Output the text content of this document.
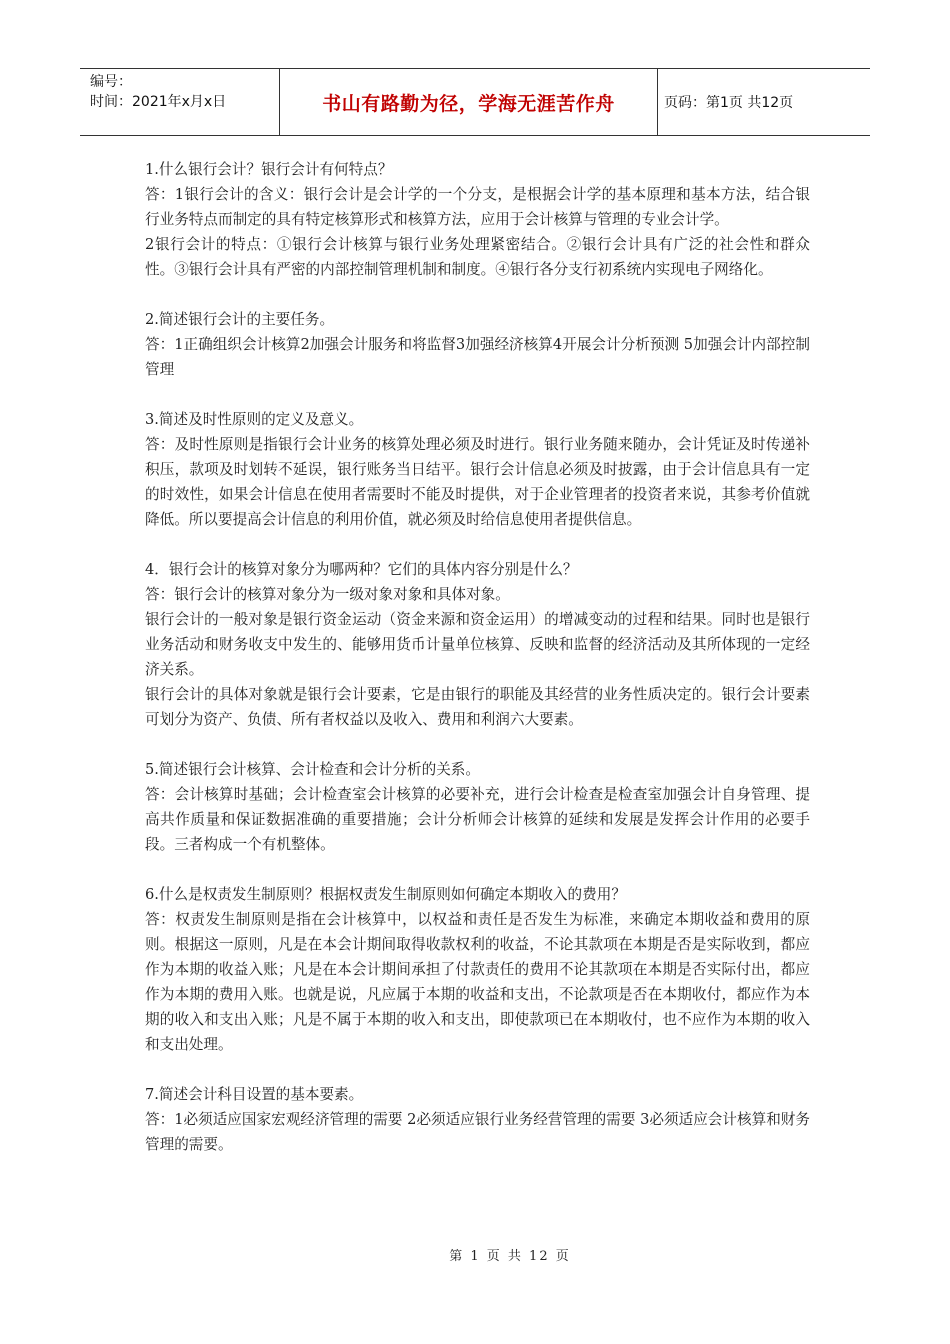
编号：
时间：2021年x月x日	书山有路勤为径，学海无涯苦作舟	页码：第1页 共12页

1.什么银行会计？银行会计有何特点？

答：1银行会计的含义：银行会计是会计学的一个分支，是根据会计学的基本原理和基本方法，结合银行业务特点而制定的具有特定核算形式和核算方法，应用于会计核算与管理的专业会计学。

2银行会计的特点：①银行会计核算与银行业务处理紧密结合。②银行会计具有广泛的社会性和群众性。③银行会计具有严密的内部控制管理机制和制度。④银行各分支行初系统内实现电子网络化。

2.简述银行会计的主要任务。

答：1正确组织会计核算2加强会计服务和将监督3加强经济核算4开展会计分析预测 5加强会计内部控制管理

3.简述及时性原则的定义及意义。

答：及时性原则是指银行会计业务的核算处理必须及时进行。银行业务随来随办，会计凭证及时传递补积压，款项及时划转不延误，银行账务当日结平。银行会计信息必须及时披露，由于会计信息具有一定的时效性，如果会计信息在使用者需要时不能及时提供，对于企业管理者的投资者来说，其参考价值就降低。所以要提高会计信息的利用价值，就必须及时给信息使用者提供信息。

4．银行会计的核算对象分为哪两种？它们的具体内容分别是什么？

答：银行会计的核算对象分为一级对象对象和具体对象。

银行会计的一般对象是银行资金运动（资金来源和资金运用）的增减变动的过程和结果。同时也是银行业务活动和财务收支中发生的、能够用货币计量单位核算、反映和监督的经济活动及其所体现的一定经济关系。

银行会计的具体对象就是银行会计要素，它是由银行的职能及其经营的业务性质决定的。银行会计要素可划分为资产、负债、所有者权益以及收入、费用和利润六大要素。

5.简述银行会计核算、会计检查和会计分析的关系。

答：会计核算时基础；会计检查室会计核算的必要补充，进行会计检查是检查室加强会计自身管理、提高共作质量和保证数据准确的重要措施；会计分析师会计核算的延续和发展是发挥会计作用的必要手段。三者构成一个有机整体。

6.什么是权责发生制原则？根据权责发生制原则如何确定本期收入的费用？

答：权责发生制原则是指在会计核算中，以权益和责任是否发生为标准，来确定本期收益和费用的原则。根据这一原则，凡是在本会计期间取得收款权利的收益，不论其款项在本期是否是实际收到，都应作为本期的收益入账；凡是在本会计期间承担了付款责任的费用不论其款项在本期是否实际付出，都应作为本期的费用入账。也就是说，凡应属于本期的收益和支出，不论款项是否在本期收付，都应作为本期的收入和支出入账；凡是不属于本期的收入和支出，即使款项已在本期收付，也不应作为本期的收入和支出处理。

7.简述会计科目设置的基本要素。

答：1必须适应国家宏观经济管理的需要 2必须适应银行业务经营管理的需要 3必须适应会计核算和财务管理的需要。

第 1 页 共 12 页
